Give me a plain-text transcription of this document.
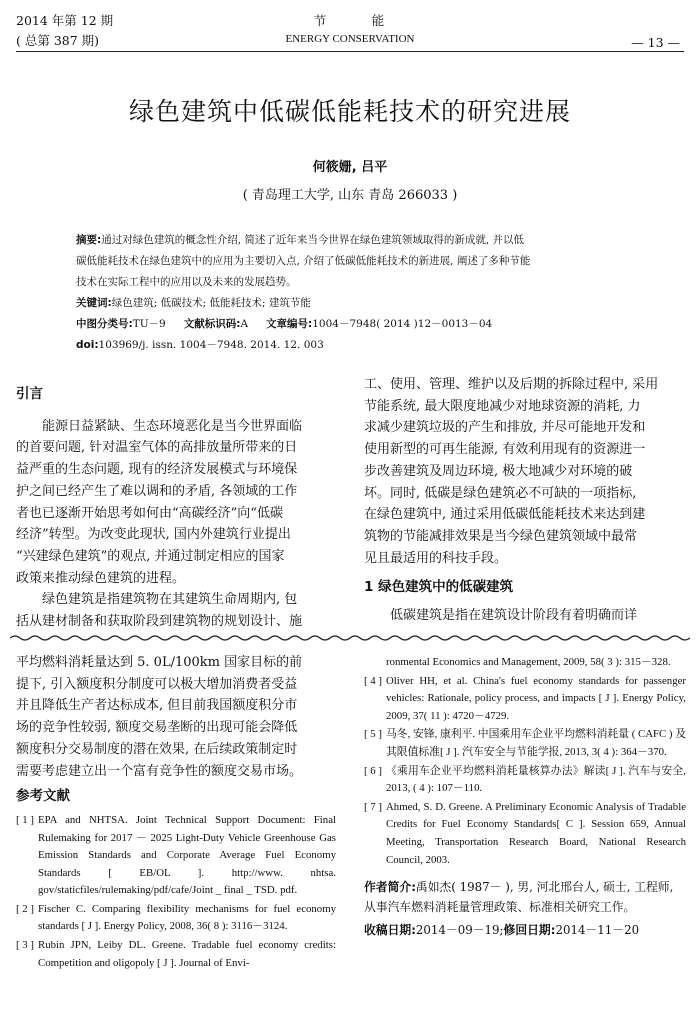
2014 年第 12 期
( 总第 387 期)
节　　　能
ENERGY CONSERVATION	— 13 —
绿色建筑中低碳低能耗技术的研究进展
何筱姗, 吕平
( 青岛理工大学, 山东 青岛 266033 )
摘要:通过对绿色建筑的概念性介绍, 简述了近年来当今世界在绿色建筑领域取得的新成就, 并以低
碳低能耗技术在绿色建筑中的应用为主要切入点, 介绍了低碳低能耗技术的新进展, 阐述了多种节能
技术在实际工程中的应用以及未来的发展趋势。
关键词:绿色建筑; 低碳技术; 低能耗技术; 建筑节能
中图分类号:TU－9 文献标识码:A 文章编号:1004－7948( 2014 )12－0013－04
doi:103969/j. issn. 1004－7948. 2014. 12. 003
引言

能源日益紧缺、生态环境恶化是当今世界面临
的首要问题, 针对温室气体的高排放量所带来的日
益严重的生态问题, 现有的经济发展模式与环境保
护之间已经产生了难以调和的矛盾, 各领域的工作
者也已逐渐开始思考如何由“高碳经济”向“低碳
经济”转型。为改变此现状, 国内外建筑行业提出
“兴建绿色建筑”的观点, 并通过制定相应的国家
政策来推动绿色建筑的进程。

绿色建筑是指建筑物在其建筑生命周期内, 包
括从建材制备和获取阶段到建筑物的规划设计、施

工、使用、管理、维护以及后期的拆除过程中, 采用
节能系统, 最大限度地减少对地球资源的消耗, 力
求减少建筑垃圾的产生和排放, 并尽可能地开发和
使用新型的可再生能源, 有效利用现有的资源进一
步改善建筑及周边环境, 极大地减少对环境的破
坏。同时, 低碳是绿色建筑必不可缺的一项指标,
在绿色建筑中, 通过采用低碳低能耗技术来达到建
筑物的节能减排效果是当今绿色建筑领域中最常
见且最适用的科技手段。

1 绿色建筑中的低碳建筑

低碳建筑是指在建筑设计阶段有着明确而详

平均燃料消耗量达到 5. 0L/100km 国家目标的前
提下, 引入额度积分制度可以极大增加消费者受益
并且降低生产者达标成本, 但目前我国额度积分市
场的竞争性较弱, 额度交易垄断的出现可能会降低
额度积分交易制度的潜在效果, 在后续政策制定时
需要考虑建立出一个富有竞争性的额度交易市场。

参考文献
[ 1 ] EPA and NHTSA. Joint Technical Support Document: Final Rulemaking for 2017 － 2025 Light-Duty Vehicle Greenhouse Gas Emission Standards and Corporate Average Fuel Economy Standards [ EB/OL ]. http://www. nhtsa. gov/staticfiles/rulemaking/pdf/cafe/Joint _ final _ TSD. pdf.
[ 2 ] Fischer C. Comparing flexibility mechanisms for fuel economy standards [ J ]. Energy Policy, 2008, 36( 8 ): 3116－3124.
[ 3 ] Rubin JPN, Leiby DL. Greene. Tradable fuel economy credits: Competition and oligopoly [ J ]. Journal of Envi-
ronmental Economics and Management, 2009, 58( 3 ): 315－328.
[ 4 ] Oliver HH, et al. China's fuel economy standards for passenger vehicles: Rationale, policy process, and impacts [ J ]. Energy Policy, 2009, 37( 11 ): 4720－4729.
[ 5 ] 马冬, 安锋, 康利平. 中国乘用车企业平均燃料消耗量 ( CAFC ) 及其限值标准[ J ]. 汽车安全与节能学报, 2013, 3( 4 ): 364－370.
[ 6 ] 《乘用车企业平均燃料消耗量核算办法》解读[ J ]. 汽车与安全, 2013, ( 4 ): 107－110.
[ 7 ] Ahmed, S. D. Greene. A Preliminary Economic Analysis of Tradable Credits for Fuel Economy Standards[ C ]. Session 659, Annual Meeting, Transportation Research Board, National Research Council, 2003.
作者简介:禹如杰( 1987－ ), 男, 河北邢台人, 硕士, 工程师, 从事汽车燃料消耗量管理政策、标准相关研究工作。
收稿日期:2014－09－19;修回日期:2014－11－20
